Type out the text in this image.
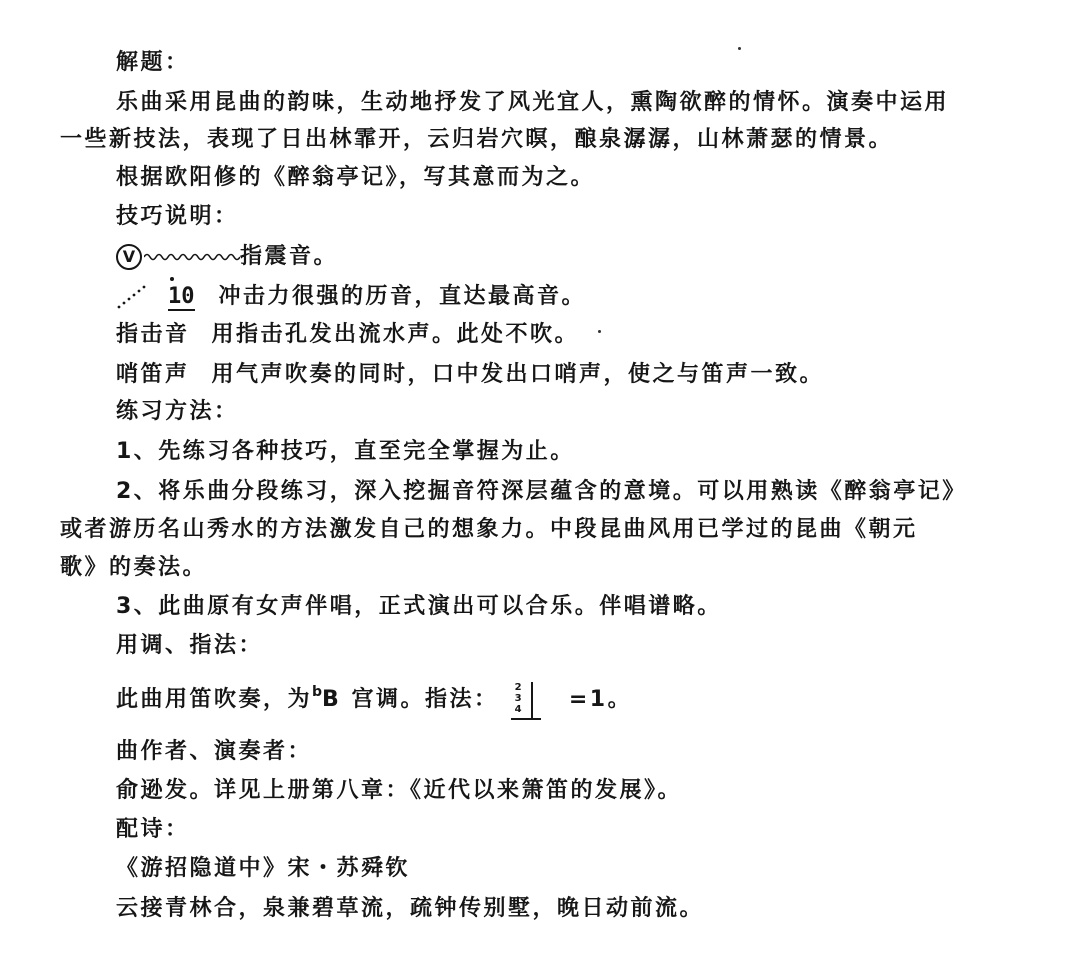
解题：
乐曲采用昆曲的韵味，生动地抒发了风光宜人，熏陶欲醉的情怀。演奏中运用
一些新技法，表现了日出林霏开，云归岩穴暝，酿泉潺潺，山林萧瑟的情景。
根据欧阳修的《醉翁亭记》，写其意而为之。
技巧说明：
V	指震音。
10 冲击力很强的历音，直达最高音。
指击音 用指击孔发出流水声。此处不吹。
哨笛声 用气声吹奏的同时，口中发出口哨声，使之与笛声一致。
练习方法：
1、先练习各种技巧，直至完全掌握为止。
2、将乐曲分段练习，深入挖掘音符深层蕴含的意境。可以用熟读《醉翁亭记》
或者游历名山秀水的方法激发自己的想象力。中段昆曲风用已学过的昆曲《朝元
歌》的奏法。
3、此曲原有女声伴唱，正式演出可以合乐。伴唱谱略。
用调、指法：
此曲用笛吹奏，为$^b$B 宫调。指法： 2
3
4 =1。
曲作者、演奏者：
俞逊发。详见上册第八章：《近代以来箫笛的发展》。
配诗：
《游招隐道中》宋・苏舜钦
云接青林合，泉兼碧草流，疏钟传别墅，晚日动前流。
